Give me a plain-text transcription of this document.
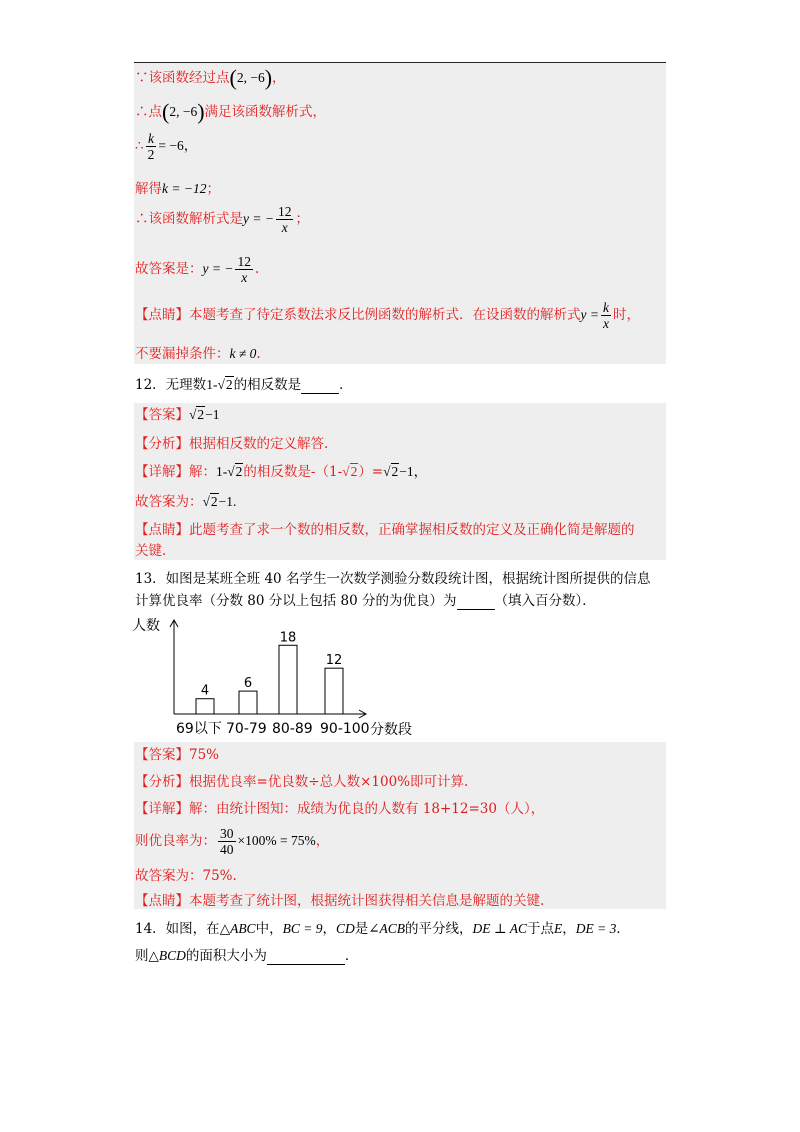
∵该函数经过点(2, −6)，
∴点(2, −6)满足该函数解析式，
∴ $\frac{k}{2} = -6$，
解得k = −12；
∴该函数解析式是y = − $\frac{12}{x}$ ；
故答案是：y = − $\frac{12}{x}$ .
【点睛】本题考查了待定系数法求反比例函数的解析式．在设函数的解析式$y = \frac{k}{x}$ 时，
不要漏掉条件：k ≠ 0.
12．无理数1-√2的相反数是	．
【答案】√2−1
【分析】根据相反数的定义解答.
【详解】解：1-√2的相反数是-（1-√2）=√2−1，
故答案为：√2−1.
【点睛】此题考查了求一个数的相反数，正确掌握相反数的定义及正确化简是解题的
关键.
13．如图是某班全班 40 名学生一次数学测验分数段统计图，根据统计图所提供的信息
计算优良率（分数 80 分以上包括 80 分的为优良）为	（填入百分数）．
人数
分数段
4
69以下
6
70-79
18
80-89
12
90-100
【答案】75%
【分析】根据优良率=优良数÷总人数×100%即可计算.
【详解】解：由统计图知：成绩为优良的人数有 18+12=30（人），
则优良率为： $\frac{30}{40} \times 100\% = 75\%$，
故答案为：75%.
【点睛】本题考查了统计图，根据统计图获得相关信息是解题的关键.
14．如图，在△ABC中，BC = 9，CD是∠ACB的平分线，DE ⊥ AC于点E，DE = 3．
则△BCD的面积大小为	．
